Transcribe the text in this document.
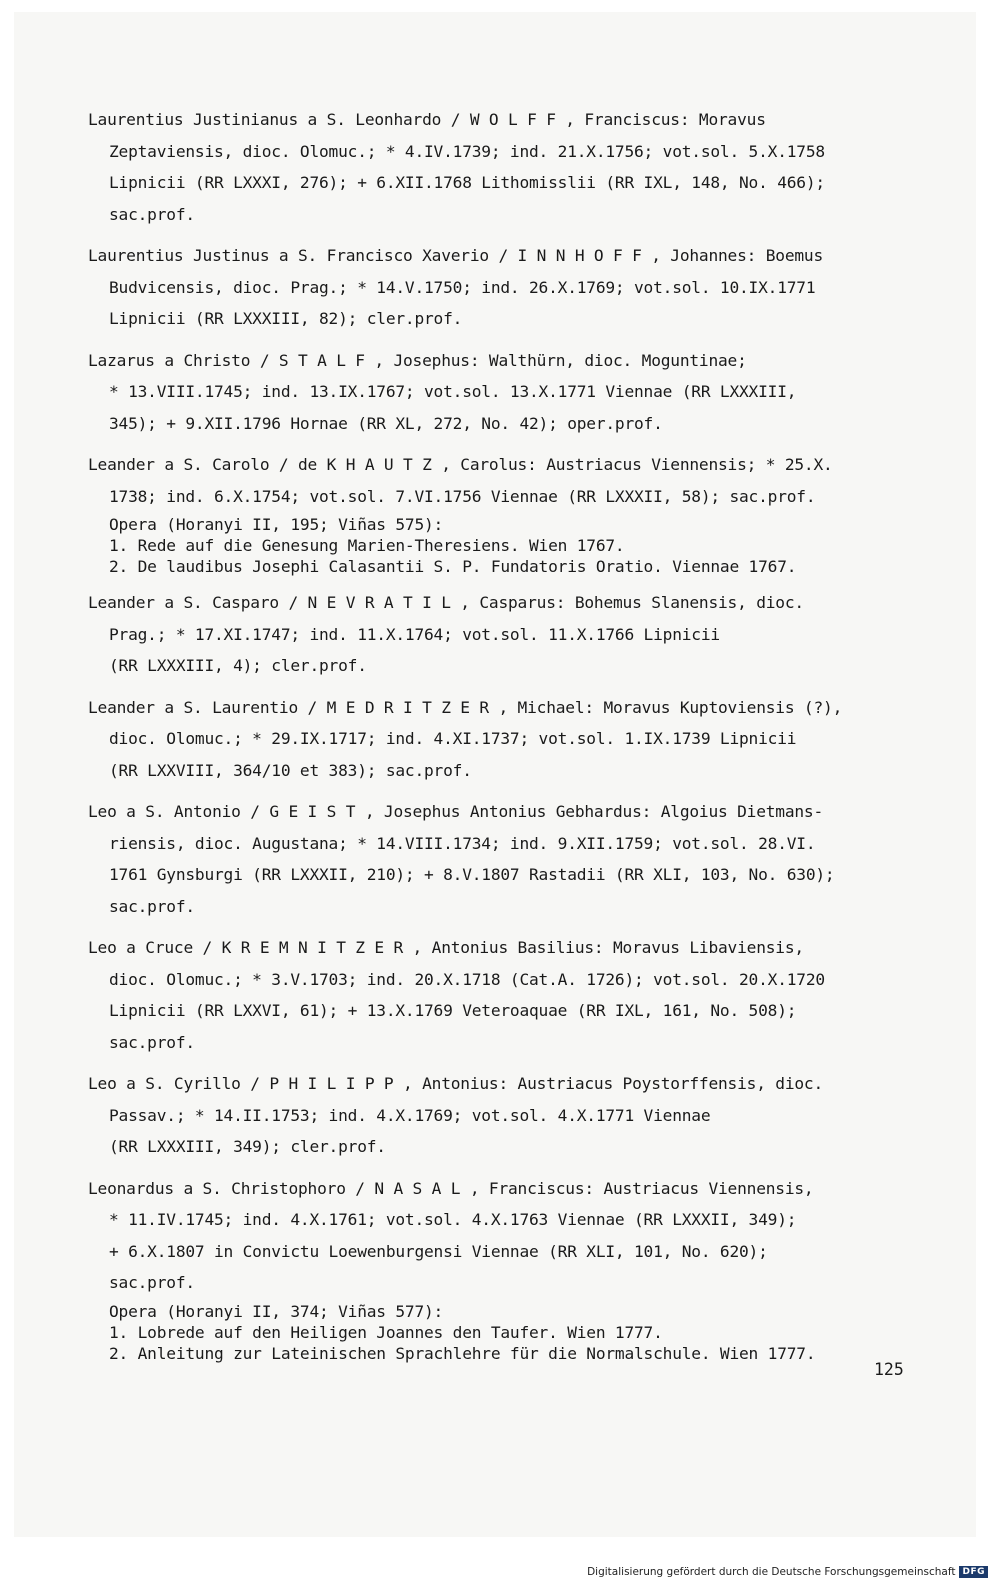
Laurentius Justinianus a S. Leonhardo / W O L F F , Franciscus: Moravus
Zeptaviensis, dioc. Olomuc.; * 4.IV.1739; ind. 21.X.1756; vot.sol. 5.X.1758
Lipnicii (RR LXXXI, 276); + 6.XII.1768 Lithomisslii (RR IXL, 148, No. 466);
sac.prof.
Laurentius Justinus a S. Francisco Xaverio / I N N H O F F , Johannes: Boemus
Budvicensis, dioc. Prag.; * 14.V.1750; ind. 26.X.1769; vot.sol. 10.IX.1771
Lipnicii (RR LXXXIII, 82); cler.prof.
Lazarus a Christo / S T A L F , Josephus: Walthürn, dioc. Moguntinae;
* 13.VIII.1745; ind. 13.IX.1767; vot.sol. 13.X.1771 Viennae (RR LXXXIII,
345); + 9.XII.1796 Hornae (RR XL, 272, No. 42); oper.prof.
Leander a S. Carolo / de K H A U T Z , Carolus: Austriacus Viennensis; * 25.X.
1738; ind. 6.X.1754; vot.sol. 7.VI.1756 Viennae (RR LXXXII, 58); sac.prof.
Opera (Horanyi II, 195; Viñas 575):
1. Rede auf die Genesung Marien-Theresiens. Wien 1767.
2. De laudibus Josephi Calasantii S. P. Fundatoris Oratio. Viennae 1767.
Leander a S. Casparo / N E V R A T I L , Casparus: Bohemus Slanensis, dioc.
Prag.; * 17.XI.1747; ind. 11.X.1764; vot.sol. 11.X.1766 Lipnicii
(RR LXXXIII, 4); cler.prof.
Leander a S. Laurentio / M E D R I T Z E R , Michael: Moravus Kuptoviensis (?),
dioc. Olomuc.; * 29.IX.1717; ind. 4.XI.1737; vot.sol. 1.IX.1739 Lipnicii
(RR LXXVIII, 364/10 et 383); sac.prof.
Leo a S. Antonio / G E I S T , Josephus Antonius Gebhardus: Algoius Dietmans-
riensis, dioc. Augustana; * 14.VIII.1734; ind. 9.XII.1759; vot.sol. 28.VI.
1761 Gynsburgi (RR LXXXII, 210); + 8.V.1807 Rastadii (RR XLI, 103, No. 630);
sac.prof.
Leo a Cruce / K R E M N I T Z E R , Antonius Basilius: Moravus Libaviensis,
dioc. Olomuc.; * 3.V.1703; ind. 20.X.1718 (Cat.A. 1726); vot.sol. 20.X.1720
Lipnicii (RR LXXVI, 61); + 13.X.1769 Veteroaquae (RR IXL, 161, No. 508);
sac.prof.
Leo a S. Cyrillo / P H I L I P P , Antonius: Austriacus Poystorffensis, dioc.
Passav.; * 14.II.1753; ind. 4.X.1769; vot.sol. 4.X.1771 Viennae
(RR LXXXIII, 349); cler.prof.
Leonardus a S. Christophoro / N A S A L , Franciscus: Austriacus Viennensis,
* 11.IV.1745; ind. 4.X.1761; vot.sol. 4.X.1763 Viennae (RR LXXXII, 349);
+ 6.X.1807 in Convictu Loewenburgensi Viennae (RR XLI, 101, No. 620);
sac.prof.
Opera (Horanyi II, 374; Viñas 577):
1. Lobrede auf den Heiligen Joannes den Taufer. Wien 1777.
2. Anleitung zur Lateinischen Sprachlehre für die Normalschule. Wien 1777.
125
Digitalisierung gefördert durch die Deutsche Forschungsgemeinschaft DFG
